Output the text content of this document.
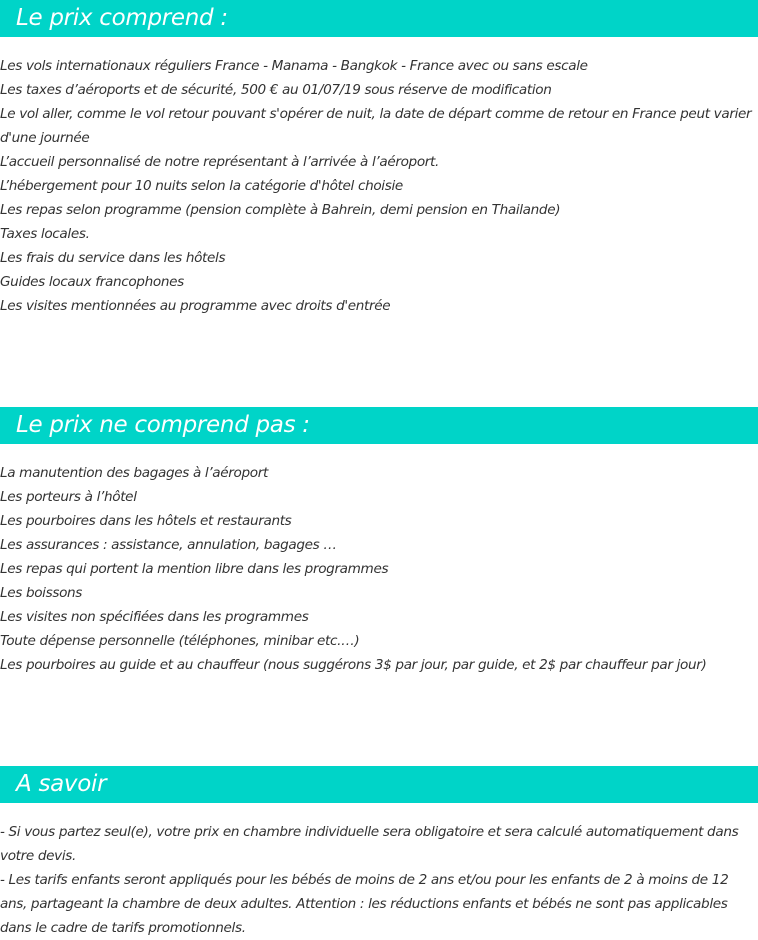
Le prix comprend :
Les vols internationaux réguliers France - Manama - Bangkok - France avec ou sans escale
Les taxes d’aéroports et de sécurité, 500 € au 01/07/19 sous réserve de modification
Le vol aller, comme le vol retour pouvant s'opérer de nuit, la date de départ comme de retour en France peut varier d'une journée
L’accueil personnalisé de notre représentant à l’arrivée à l’aéroport.
L’hébergement pour 10 nuits selon la catégorie d'hôtel choisie
Les repas selon programme (pension complète à Bahrein, demi pension en Thailande)
Taxes locales.
Les frais du service dans les hôtels
Guides locaux francophones
Les visites mentionnées au programme avec droits d'entrée
Le prix ne comprend pas :
La manutention des bagages à l’aéroport
Les porteurs à l’hôtel
Les pourboires dans les hôtels et restaurants
Les assurances : assistance, annulation, bagages …
Les repas qui portent la mention libre dans les programmes
Les boissons
Les visites non spécifiées dans les programmes
Toute dépense personnelle (téléphones, minibar etc.…)
Les pourboires au guide et au chauffeur (nous suggérons 3$ par jour, par guide, et 2$ par chauffeur par jour)
A savoir
- Si vous partez seul(e), votre prix en chambre individuelle sera obligatoire et sera calculé automatiquement dans votre devis.
- Les tarifs enfants seront appliqués pour les bébés de moins de 2 ans et/ou pour les enfants de 2 à moins de 12 ans, partageant la chambre de deux adultes. Attention : les réductions enfants et bébés ne sont pas applicables dans le cadre de tarifs promotionnels.
